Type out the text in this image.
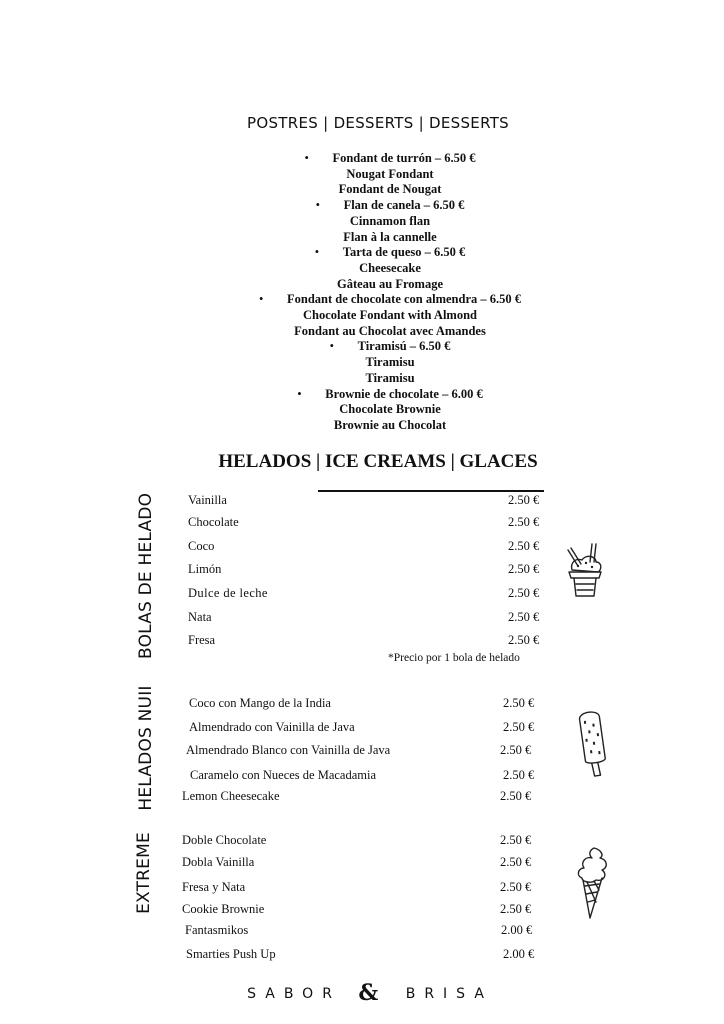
POSTRES | DESSERTS | DESSERTS
• Fondant de turrón – 6.50 €
Nougat Fondant
Fondant de Nougat
• Flan de canela – 6.50 €
Cinnamon flan
Flan à la cannelle
• Tarta de queso – 6.50 €
Cheesecake
Gâteau au Fromage
• Fondant de chocolate con almendra – 6.50 €
Chocolate Fondant with Almond
Fondant au Chocolat avec Amandes
• Tiramisú – 6.50 €
Tiramisu
Tiramisu
• Brownie de chocolate – 6.00 €
Chocolate Brownie
Brownie au Chocolat
HELADOS | ICE CREAMS | GLACES
BOLAS DE HELADO	Vainilla	2.50 €
Chocolate	2.50 €
Coco	2.50 €
Limón	2.50 €
Dulce de leche	2.50 €
Nata	2.50 €
Fresa	2.50 €
*Precio por 1 bola de helado
HELADOS NUII	Coco con Mango de la India	2.50 €
Almendrado con Vainilla de Java	2.50 €
Almendrado Blanco con Vainilla de Java	2.50 €
Caramelo con Nueces de Macadamia	2.50 €
Lemon Cheesecake	2.50 €
EXTREME Doble Chocolate	2.50 €
Dobla Vainilla	2.50 €
Fresa y Nata	2.50 €
Cookie Brownie	2.50 €
Fantasmikos	2.00 €
Smarties Push Up	2.00 €
SABOR & BRISA
